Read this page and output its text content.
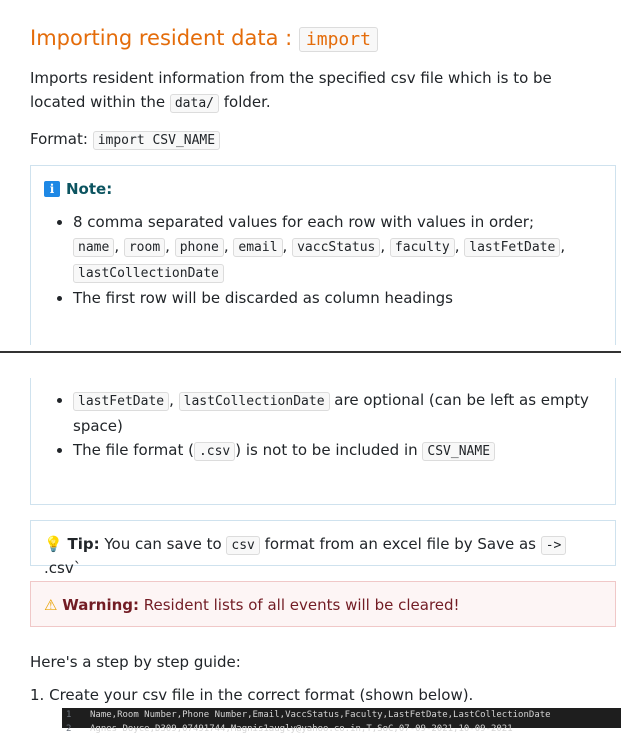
Importing resident data : import

Imports resident information from the specified csv file which is to be located within the data/ folder.

Format: import CSV_NAME

i Note:
• 8 comma separated values for each row with values in order;
name , room , phone , email , vaccStatus , faculty , lastFetDate ,
lastCollectionDate
• The first row will be discarded as column headings
• lastFetDate , lastCollectionDate are optional (can be left as empty space)
• The file format ( .csv ) is not to be included in CSV_NAME
💡 Tip: You can save to csv format from an excel file by Save as -> .csv`
⚠ Warning: Resident lists of all events will be cleared!

Here's a step by step guide:

1. Create your csv file in the correct format (shown below).

1 Name,Room Number,Phone Number,Email,VaccStatus,Faculty,LastFetDate,LastCollectionDate
2 Agnes Doyce,D309,07491744,Magnis1augly@yahoo.co.in,T,SoC,07-09-2021,10-09-2021
